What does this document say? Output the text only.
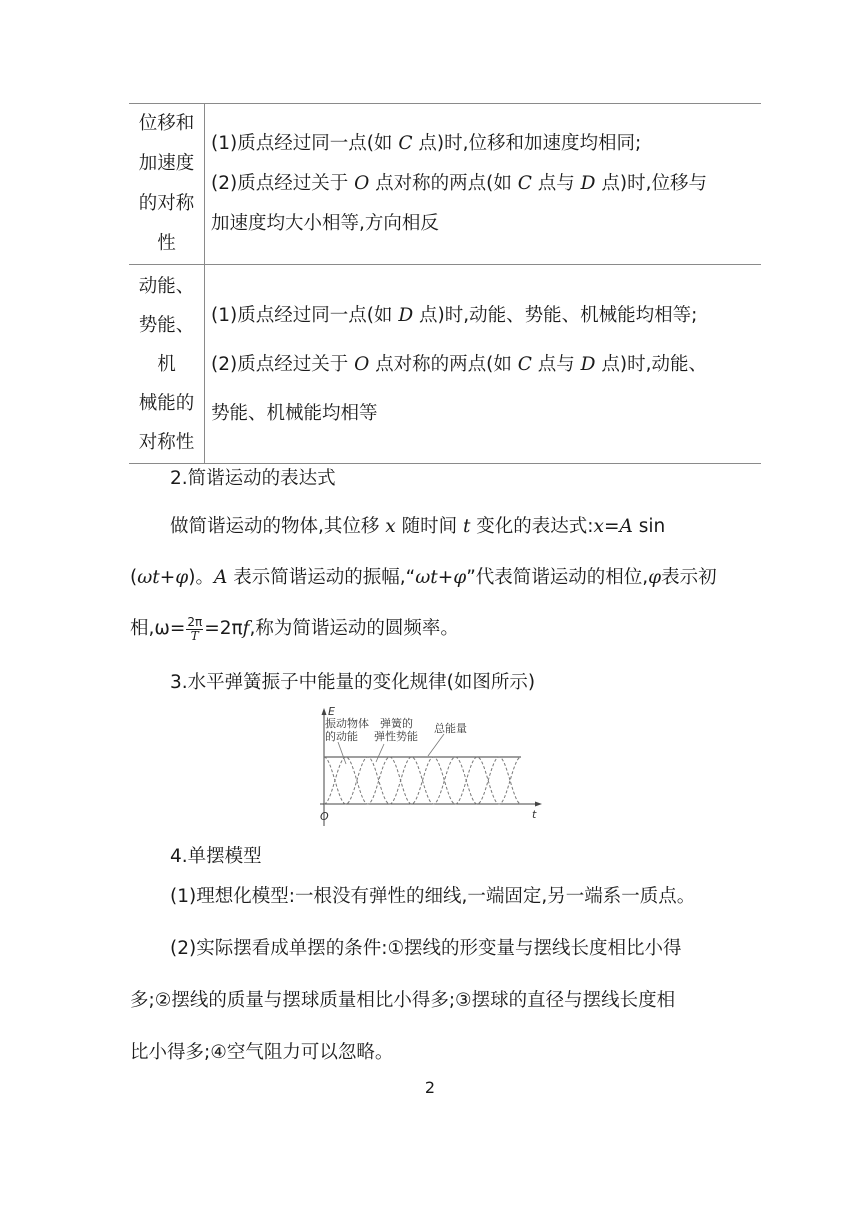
位移和
加速度
的对称
性	(1)质点经过同一点(如 C 点)时,位移和加速度均相同;
(2)质点经过关于 O 点对称的两点(如 C 点与 D 点)时,位移与
加速度均大小相等,方向相反

动能、
势能、
机
械能的
对称性	(1)质点经过同一点(如 D 点)时,动能、势能、机械能均相等;
(2)质点经过关于 O 点对称的两点(如 C 点与 D 点)时,动能、
势能、机械能均相等
2.简谐运动的表达式
做简谐运动的物体,其位移 x 随时间 t 变化的表达式:x=A sin
(ωt+φ)。A 表示简谐运动的振幅,“ωt+φ”代表简谐运动的相位,φ表示初
相$,\omega= \frac{2\pi}{T} =2\pi f$,称为简谐运动的圆频率。
3.水平弹簧振子中能量的变化规律(如图所示)
E
t
O
振动物体
的动能
弹簧的
弹性势能
总能量
4.单摆模型
(1)理想化模型:一根没有弹性的细线,一端固定,另一端系一质点。
(2)实际摆看成单摆的条件:①摆线的形变量与摆线长度相比小得
多;②摆线的质量与摆球质量相比小得多;③摆球的直径与摆线长度相
比小得多;④空气阻力可以忽略。
2
